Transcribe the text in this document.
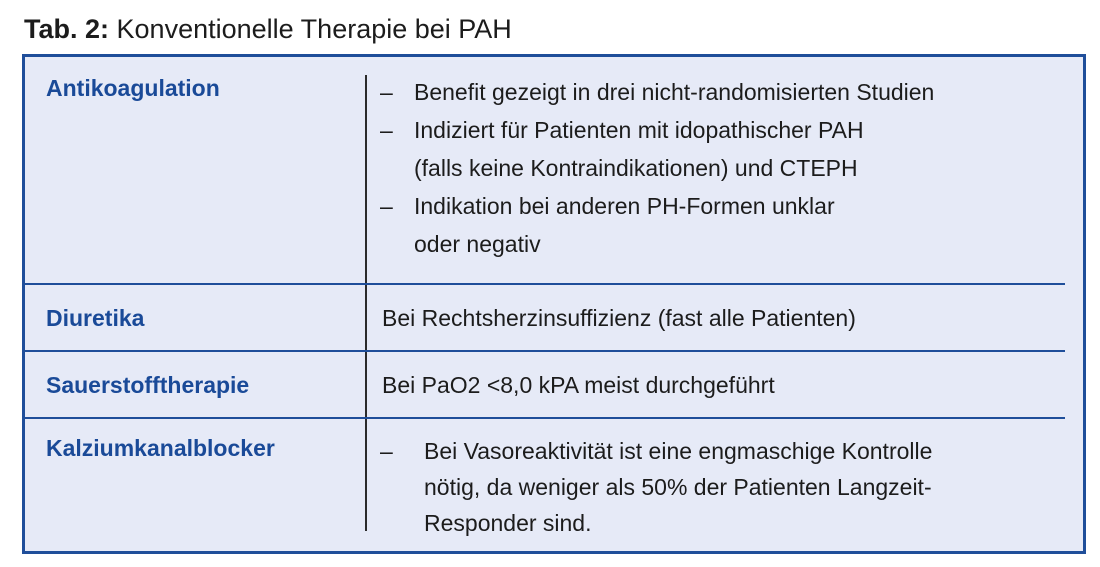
Tab. 2: Konventionelle Therapie bei PAH
Antikoagulation	– Benefit gezeigt in drei nicht-randomisierten Studien
– Indiziert für Patienten mit idopathischer PAH
(falls keine Kontraindikationen) und CTEPH
– Indikation bei anderen PH-Formen unklar
oder negativ
Diuretika	Bei Rechtsherzinsuffizienz (fast alle Patienten)
Sauerstofftherapie	Bei PaO2 <8,0 kPA meist durchgeführt
Kalziumkanalblocker	– Bei Vasoreaktivität ist eine engmaschige Kontrolle
nötig, da weniger als 50% der Patienten Langzeit-
Responder sind.
